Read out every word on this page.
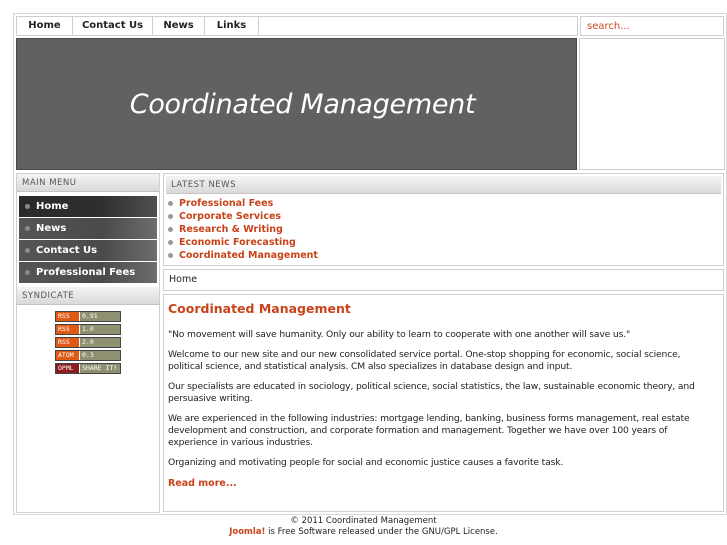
Home	Contact Us	News	Links
search...
Coordinated Management
MAIN MENU
Home
News
Contact Us
Professional Fees
SYNDICATE
RSS	0.91
RSS	1.0
RSS	2.0
ATOM	0.3
OPML	SHARE IT!
LATEST NEWS
Professional Fees
Corporate Services
Research & Writing
Economic Forecasting
Coordinated Management
Home
Coordinated Management

"No movement will save humanity. Only our ability to learn to cooperate with one another will save us."

Welcome to our new site and our new consolidated service portal. One-stop shopping for economic, social science, political science, and statistical analysis. CM also specializes in database design and input.

Our specialists are educated in sociology, political science, social statistics, the law, sustainable economic theory, and persuasive writing.

We are experienced in the following industries: mortgage lending, banking, business forms management, real estate development and construction, and corporate formation and management. Together we have over 100 years of experience in various industries.

Organizing and motivating people for social and economic justice causes a favorite task.

Read more...
© 2011 Coordinated Management
Joomla! is Free Software released under the GNU/GPL License.
